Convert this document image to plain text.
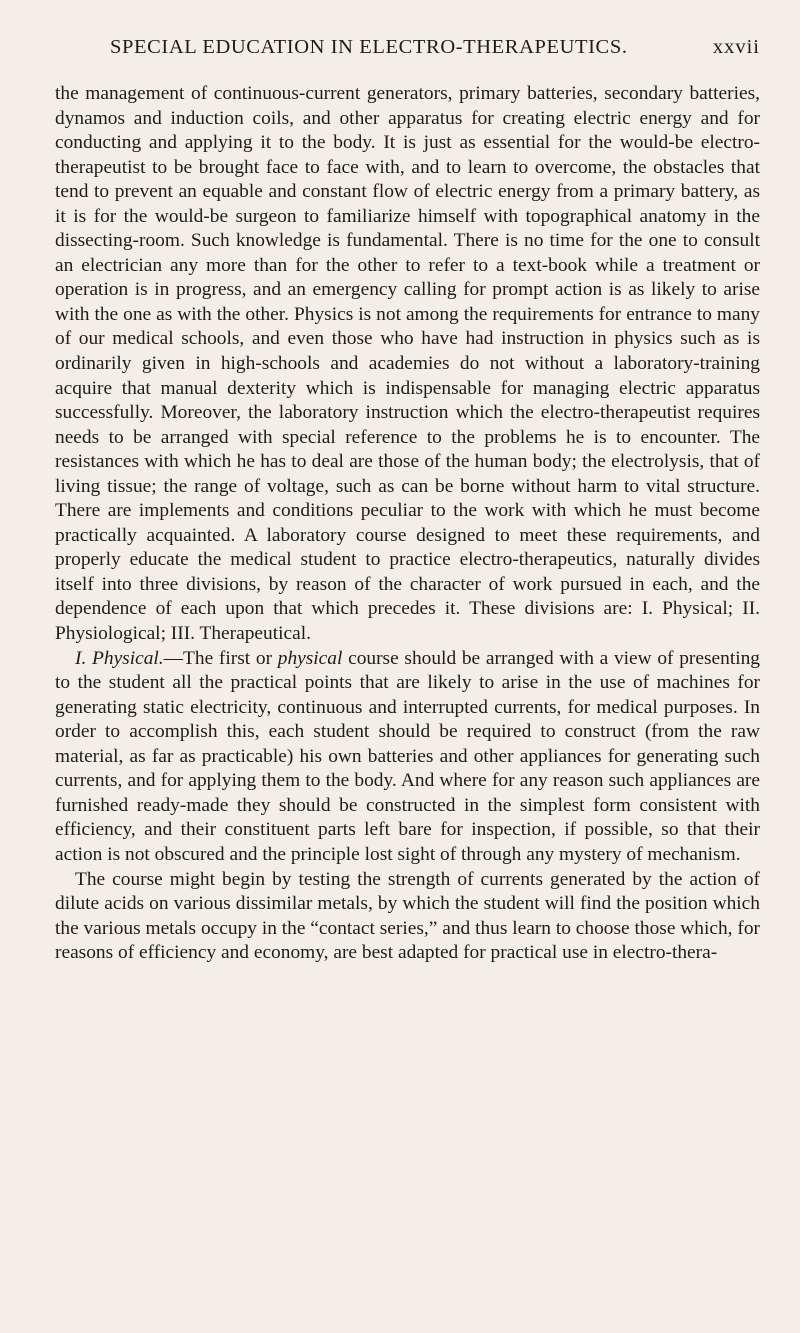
SPECIAL EDUCATION IN ELECTRO-THERAPEUTICS.	xxvii

the management of continuous-current generators, primary batteries, secondary batteries, dynamos and induction coils, and other apparatus for creating electric energy and for conducting and applying it to the body. It is just as essential for the would-be electro-therapeutist to be brought face to face with, and to learn to overcome, the obstacles that tend to prevent an equable and constant flow of electric energy from a primary battery, as it is for the would-be surgeon to familiarize himself with topographical anatomy in the dissecting-room. Such knowledge is fundamental. There is no time for the one to consult an electrician any more than for the other to refer to a text-book while a treatment or operation is in progress, and an emergency calling for prompt action is as likely to arise with the one as with the other. Physics is not among the requirements for entrance to many of our medical schools, and even those who have had instruction in physics such as is ordinarily given in high-schools and academies do not without a laboratory-training acquire that manual dexterity which is indispensable for managing electric apparatus successfully. Moreover, the laboratory instruction which the electro-therapeutist requires needs to be arranged with special reference to the problems he is to encounter. The resistances with which he has to deal are those of the human body; the electrolysis, that of living tissue; the range of voltage, such as can be borne without harm to vital structure. There are implements and conditions peculiar to the work with which he must become practically acquainted. A laboratory course designed to meet these requirements, and properly educate the medical student to practice electro-therapeutics, naturally divides itself into three divisions, by reason of the character of work pursued in each, and the dependence of each upon that which precedes it. These divisions are: I. Physical; II. Physiological; III. Therapeutical.

I. Physical.—The first or physical course should be arranged with a view of presenting to the student all the practical points that are likely to arise in the use of machines for generating static electricity, continuous and interrupted currents, for medical purposes. In order to accomplish this, each student should be required to construct (from the raw material, as far as practicable) his own batteries and other appliances for generating such currents, and for applying them to the body. And where for any reason such appliances are furnished ready-made they should be constructed in the simplest form consistent with efficiency, and their constituent parts left bare for inspection, if possible, so that their action is not obscured and the principle lost sight of through any mystery of mechanism.

The course might begin by testing the strength of currents generated by the action of dilute acids on various dissimilar metals, by which the student will find the position which the various metals occupy in the “contact series,” and thus learn to choose those which, for reasons of efficiency and economy, are best adapted for practical use in electro-thera-
